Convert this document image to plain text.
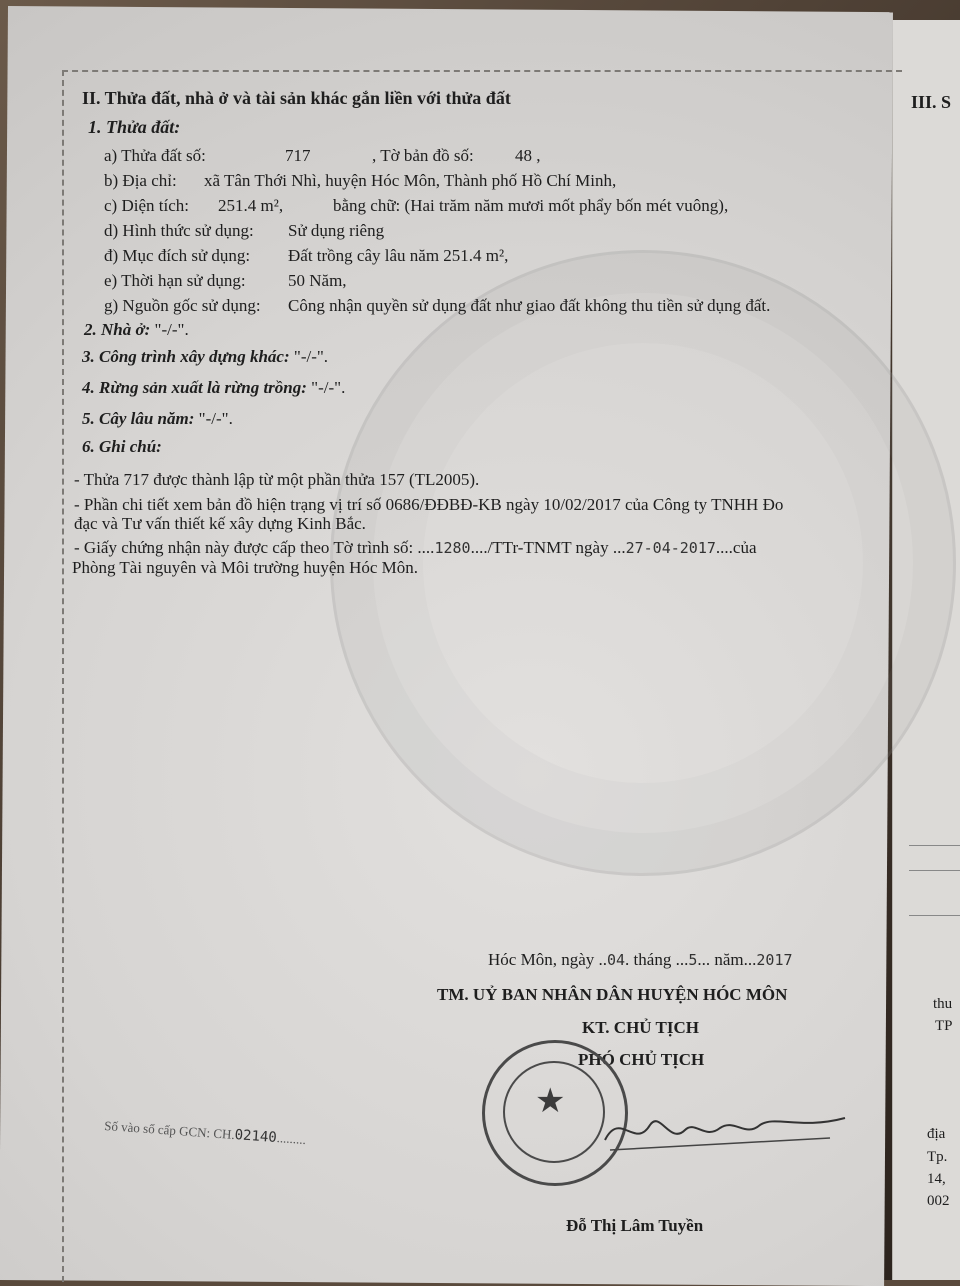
III. S
thu
TP
địa
Tp.
14,
002
II. Thửa đất, nhà ở và tài sản khác gắn liền với thửa đất
1. Thửa đất:
a) Thửa đất số:	717	, Tờ bản đồ số: 48 ,
b) Địa chỉ: xã Tân Thới Nhì, huyện Hóc Môn, Thành phố Hồ Chí Minh,
c) Diện tích: 251.4 m²,	bằng chữ: (Hai trăm năm mươi mốt phẩy bốn mét vuông),
d) Hình thức sử dụng: Sử dụng riêng
đ) Mục đích sử dụng: Đất trồng cây lâu năm 251.4 m²,
e) Thời hạn sử dụng: 50 Năm,
g) Nguồn gốc sử dụng: Công nhận quyền sử dụng đất như giao đất không thu tiền sử dụng đất.
2. Nhà ở: "-/-".
3. Công trình xây dựng khác: "-/-".
4. Rừng sản xuất là rừng trồng: "-/-".
5. Cây lâu năm: "-/-".
6. Ghi chú:
- Thửa 717 được thành lập từ một phần thửa 157 (TL2005).
- Phần chi tiết xem bản đồ hiện trạng vị trí số 0686/ĐĐBĐ-KB ngày 10/02/2017 của Công ty TNHH Đo
đạc và Tư vấn thiết kế xây dựng Kinh Bắc.
- Giấy chứng nhận này được cấp theo Tờ trình số: ....1280..../TTr-TNMT ngày ...27-04-2017....của
Phòng Tài nguyên và Môi trường huyện Hóc Môn.
Hóc Môn, ngày ..04. tháng ...5... năm...2017
TM. UỶ BAN NHÂN DÂN HUYỆN HÓC MÔN
KT. CHỦ TỊCH
PHÓ CHỦ TỊCH
★
Đỗ Thị Lâm Tuyền
Số vào sổ cấp GCN: CH.02140.........
